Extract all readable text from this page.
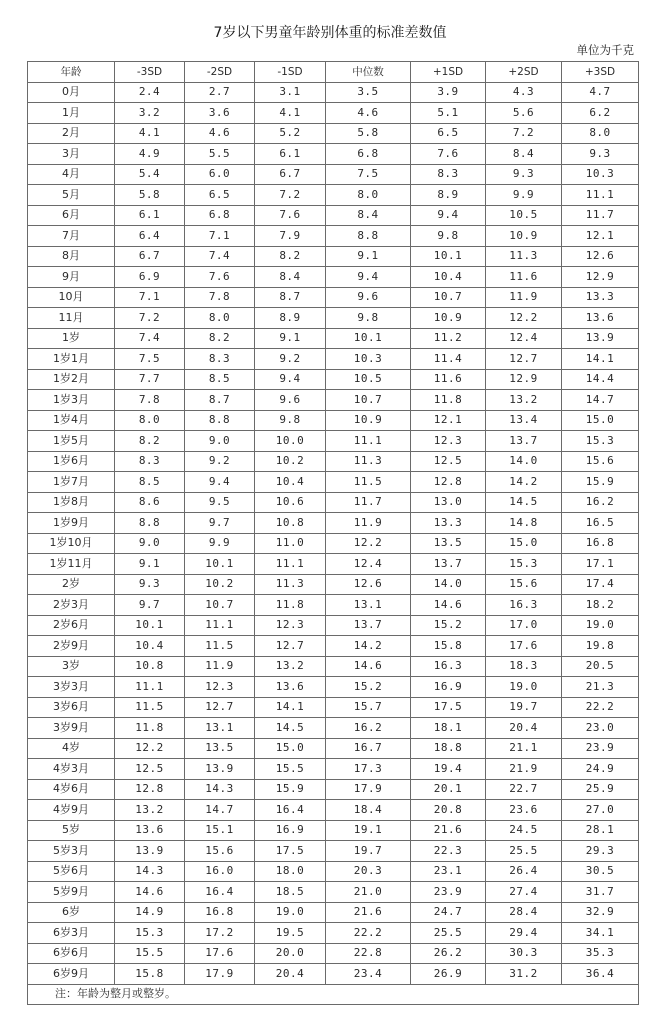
7岁以下男童年龄别体重的标准差数值
单位为千克
年龄	-3SD	-2SD	-1SD	中位数	+1SD	+2SD	+3SD
0月	2.4	2.7	3.1	3.5	3.9	4.3	4.7
1月	3.2	3.6	4.1	4.6	5.1	5.6	6.2
2月	4.1	4.6	5.2	5.8	6.5	7.2	8.0
3月	4.9	5.5	6.1	6.8	7.6	8.4	9.3
4月	5.4	6.0	6.7	7.5	8.3	9.3	10.3
5月	5.8	6.5	7.2	8.0	8.9	9.9	11.1
6月	6.1	6.8	7.6	8.4	9.4	10.5	11.7
7月	6.4	7.1	7.9	8.8	9.8	10.9	12.1
8月	6.7	7.4	8.2	9.1	10.1	11.3	12.6
9月	6.9	7.6	8.4	9.4	10.4	11.6	12.9
10月	7.1	7.8	8.7	9.6	10.7	11.9	13.3
11月	7.2	8.0	8.9	9.8	10.9	12.2	13.6
1岁	7.4	8.2	9.1	10.1	11.2	12.4	13.9
1岁1月	7.5	8.3	9.2	10.3	11.4	12.7	14.1
1岁2月	7.7	8.5	9.4	10.5	11.6	12.9	14.4
1岁3月	7.8	8.7	9.6	10.7	11.8	13.2	14.7
1岁4月	8.0	8.8	9.8	10.9	12.1	13.4	15.0
1岁5月	8.2	9.0	10.0	11.1	12.3	13.7	15.3
1岁6月	8.3	9.2	10.2	11.3	12.5	14.0	15.6
1岁7月	8.5	9.4	10.4	11.5	12.8	14.2	15.9
1岁8月	8.6	9.5	10.6	11.7	13.0	14.5	16.2
1岁9月	8.8	9.7	10.8	11.9	13.3	14.8	16.5
1岁10月	9.0	9.9	11.0	12.2	13.5	15.0	16.8
1岁11月	9.1	10.1	11.1	12.4	13.7	15.3	17.1
2岁	9.3	10.2	11.3	12.6	14.0	15.6	17.4
2岁3月	9.7	10.7	11.8	13.1	14.6	16.3	18.2
2岁6月	10.1	11.1	12.3	13.7	15.2	17.0	19.0
2岁9月	10.4	11.5	12.7	14.2	15.8	17.6	19.8
3岁	10.8	11.9	13.2	14.6	16.3	18.3	20.5
3岁3月	11.1	12.3	13.6	15.2	16.9	19.0	21.3
3岁6月	11.5	12.7	14.1	15.7	17.5	19.7	22.2
3岁9月	11.8	13.1	14.5	16.2	18.1	20.4	23.0
4岁	12.2	13.5	15.0	16.7	18.8	21.1	23.9
4岁3月	12.5	13.9	15.5	17.3	19.4	21.9	24.9
4岁6月	12.8	14.3	15.9	17.9	20.1	22.7	25.9
4岁9月	13.2	14.7	16.4	18.4	20.8	23.6	27.0
5岁	13.6	15.1	16.9	19.1	21.6	24.5	28.1
5岁3月	13.9	15.6	17.5	19.7	22.3	25.5	29.3
5岁6月	14.3	16.0	18.0	20.3	23.1	26.4	30.5
5岁9月	14.6	16.4	18.5	21.0	23.9	27.4	31.7
6岁	14.9	16.8	19.0	21.6	24.7	28.4	32.9
6岁3月	15.3	17.2	19.5	22.2	25.5	29.4	34.1
6岁6月	15.5	17.6	20.0	22.8	26.2	30.3	35.3
6岁9月	15.8	17.9	20.4	23.4	26.9	31.2	36.4
注：年龄为整月或整岁。							
